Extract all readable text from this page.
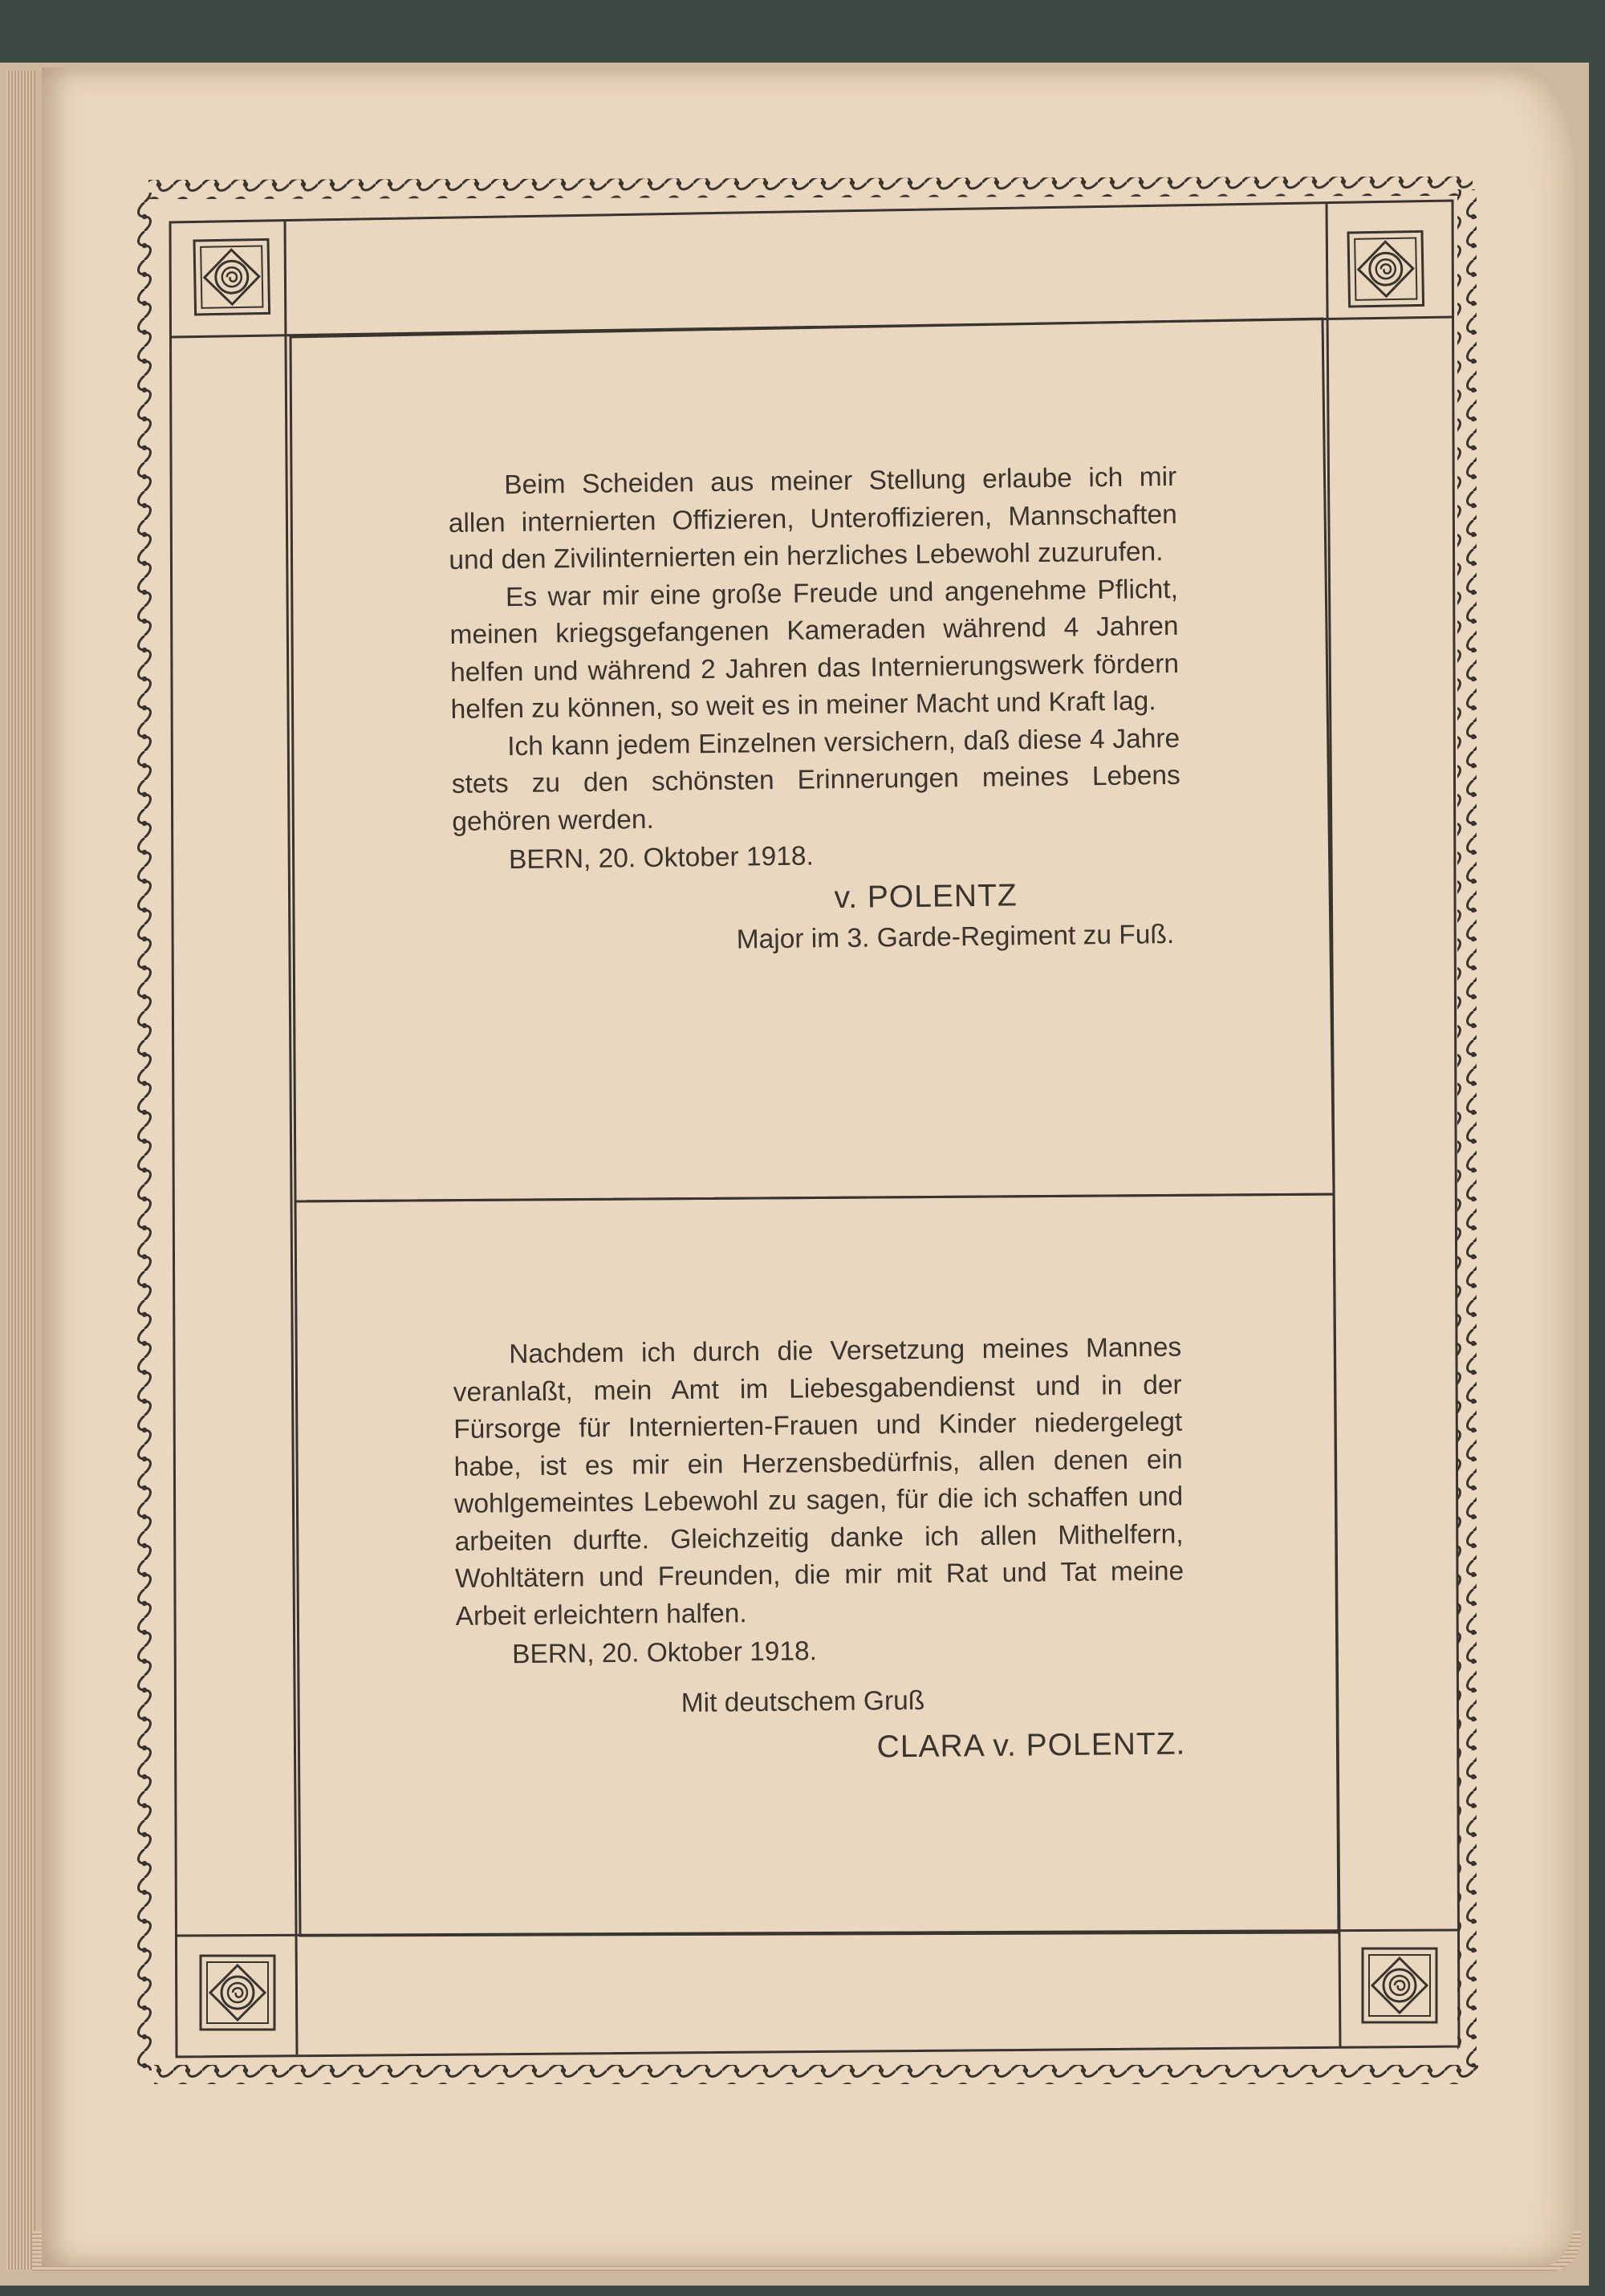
Beim Scheiden aus meiner Stellung erlaube ich mir allen internierten Offizieren, Unteroffizieren, Mannschaften und den Zivilinternierten ein herzliches Lebewohl zuzurufen.

Es war mir eine große Freude und angenehme Pflicht, meinen kriegsgefangenen Kameraden während 4 Jahren helfen und während 2 Jahren das Internierungswerk fördern helfen zu können, so weit es in meiner Macht und Kraft lag.

Ich kann jedem Einzelnen versichern, daß diese 4 Jahre stets zu den schönsten Erinnerungen meines Lebens gehören werden.

BERN, 20. Oktober 1918.

v. POLENTZ

Major im 3. Garde-Regiment zu Fuß.

Nachdem ich durch die Versetzung meines Mannes veranlaßt, mein Amt im Liebesgabendienst und in der Fürsorge für Internierten-Frauen und Kinder niedergelegt habe, ist es mir ein Herzensbedürfnis, allen denen ein wohlgemeintes Lebewohl zu sagen, für die ich schaffen und arbeiten durfte. Gleichzeitig danke ich allen Mithelfern, Wohltätern und Freunden, die mir mit Rat und Tat meine Arbeit erleichtern halfen.

BERN, 20. Oktober 1918.

Mit deutschem Gruß

CLARA v. POLENTZ.
